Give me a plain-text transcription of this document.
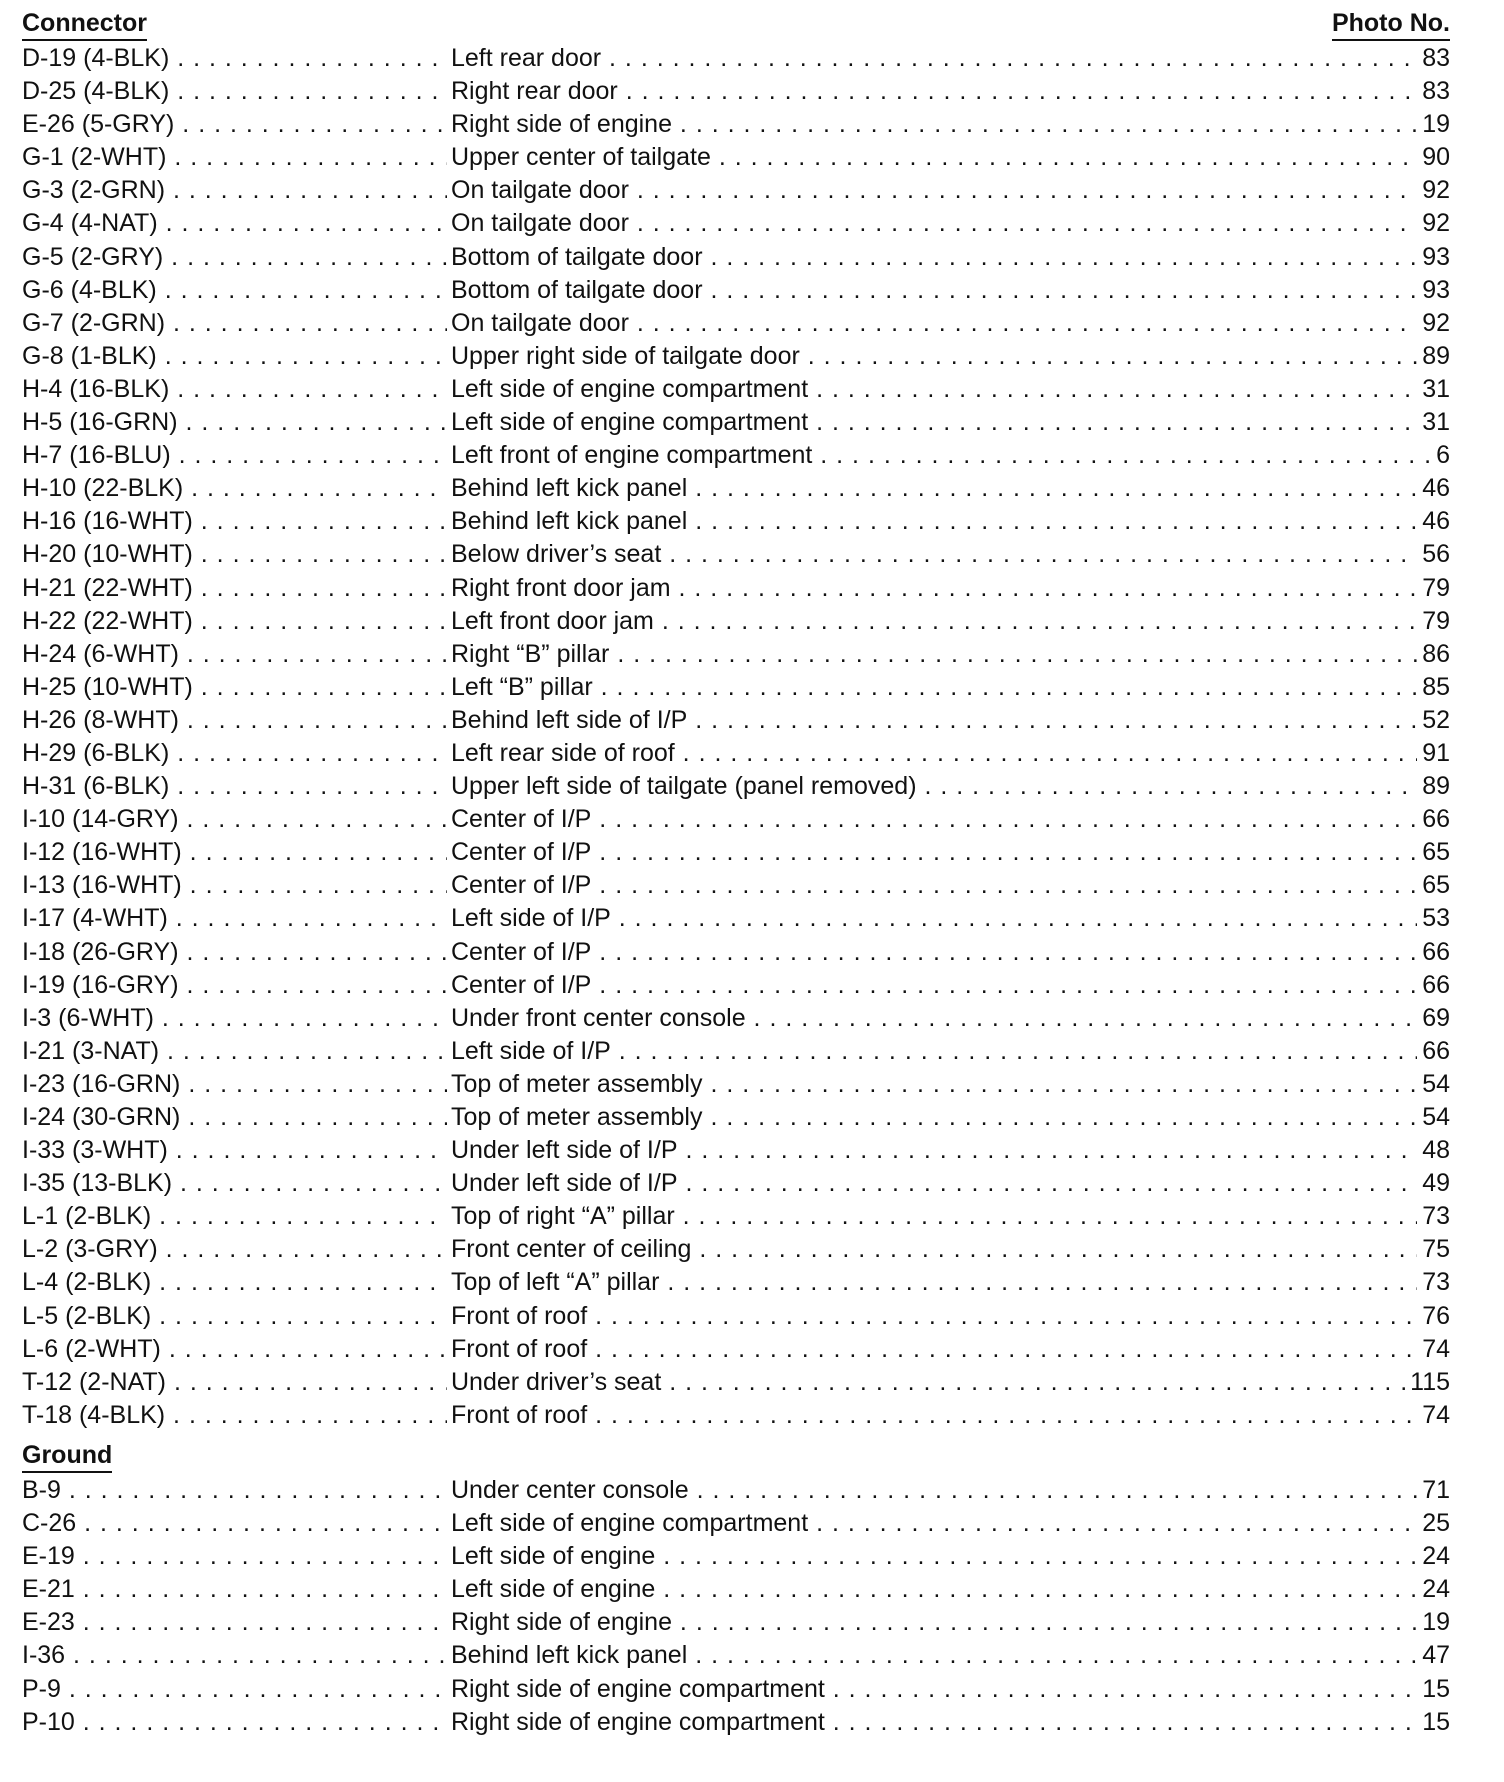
Connector	Photo No.
D-19 (4-BLK) . . .	Left rear door . . .	83
D-25 (4-BLK) . . .	Right rear door . . .	83
E-26 (5-GRY) . . .	Right side of engine . . .	19
G-1 (2-WHT) . . .	Upper center of tailgate . . .	90
G-3 (2-GRN) . . .	On tailgate door . . .	92
G-4 (4-NAT) . . .	On tailgate door . . .	92
G-5 (2-GRY) . . .	Bottom of tailgate door . . .	93
G-6 (4-BLK) . . .	Bottom of tailgate door . . .	93
G-7 (2-GRN) . . .	On tailgate door . . .	92
G-8 (1-BLK) . . .	Upper right side of tailgate door . . .	89
H-4 (16-BLK) . . .	Left side of engine compartment . . .	31
H-5 (16-GRN) . . .	Left side of engine compartment . . .	31
H-7 (16-BLU) . . .	Left front of engine compartment . . .	6
H-10 (22-BLK) . . .	Behind left kick panel . . .	46
H-16 (16-WHT) . . .	Behind left kick panel . . .	46
H-20 (10-WHT) . . .	Below driver’s seat . . .	56
H-21 (22-WHT) . . .	Right front door jam . . .	79
H-22 (22-WHT) . . .	Left front door jam . . .	79
H-24 (6-WHT) . . .	Right “B” pillar . . .	86
H-25 (10-WHT) . . .	Left “B” pillar . . .	85
H-26 (8-WHT) . . .	Behind left side of I/P . . .	52
H-29 (6-BLK) . . .	Left rear side of roof . . .	91
H-31 (6-BLK) . . .	Upper left side of tailgate (panel removed) . . .	89
I-10 (14-GRY) . . .	Center of I/P . . .	66
I-12 (16-WHT) . . .	Center of I/P . . .	65
I-13 (16-WHT) . . .	Center of I/P . . .	65
I-17 (4-WHT) . . .	Left side of I/P . . .	53
I-18 (26-GRY) . . .	Center of I/P . . .	66
I-19 (16-GRY) . . .	Center of I/P . . .	66
I-3 (6-WHT) . . .	Under front center console . . .	69
I-21 (3-NAT) . . .	Left side of I/P . . .	66
I-23 (16-GRN) . . .	Top of meter assembly . . .	54
I-24 (30-GRN) . . .	Top of meter assembly . . .	54
I-33 (3-WHT) . . .	Under left side of I/P . . .	48
I-35 (13-BLK) . . .	Under left side of I/P . . .	49
L-1 (2-BLK) . . .	Top of right “A” pillar . . .	73
L-2 (3-GRY) . . .	Front center of ceiling . . .	75
L-4 (2-BLK) . . .	Top of left “A” pillar . . .	73
L-5 (2-BLK) . . .	Front of roof . . .	76
L-6 (2-WHT) . . .	Front of roof . . .	74
T-12 (2-NAT) . . .	Under driver’s seat . . .	115
T-18 (4-BLK) . . .	Front of roof . . .	74
Ground
B-9 . . .	Under center console . . .	71
C-26 . . .	Left side of engine compartment . . .	25
E-19 . . .	Left side of engine . . .	24
E-21 . . .	Left side of engine . . .	24
E-23 . . .	Right side of engine . . .	19
I-36 . . .	Behind left kick panel . . .	47
P-9 . . .	Right side of engine compartment . . .	15
P-10 . . .	Right side of engine compartment . . .	15
